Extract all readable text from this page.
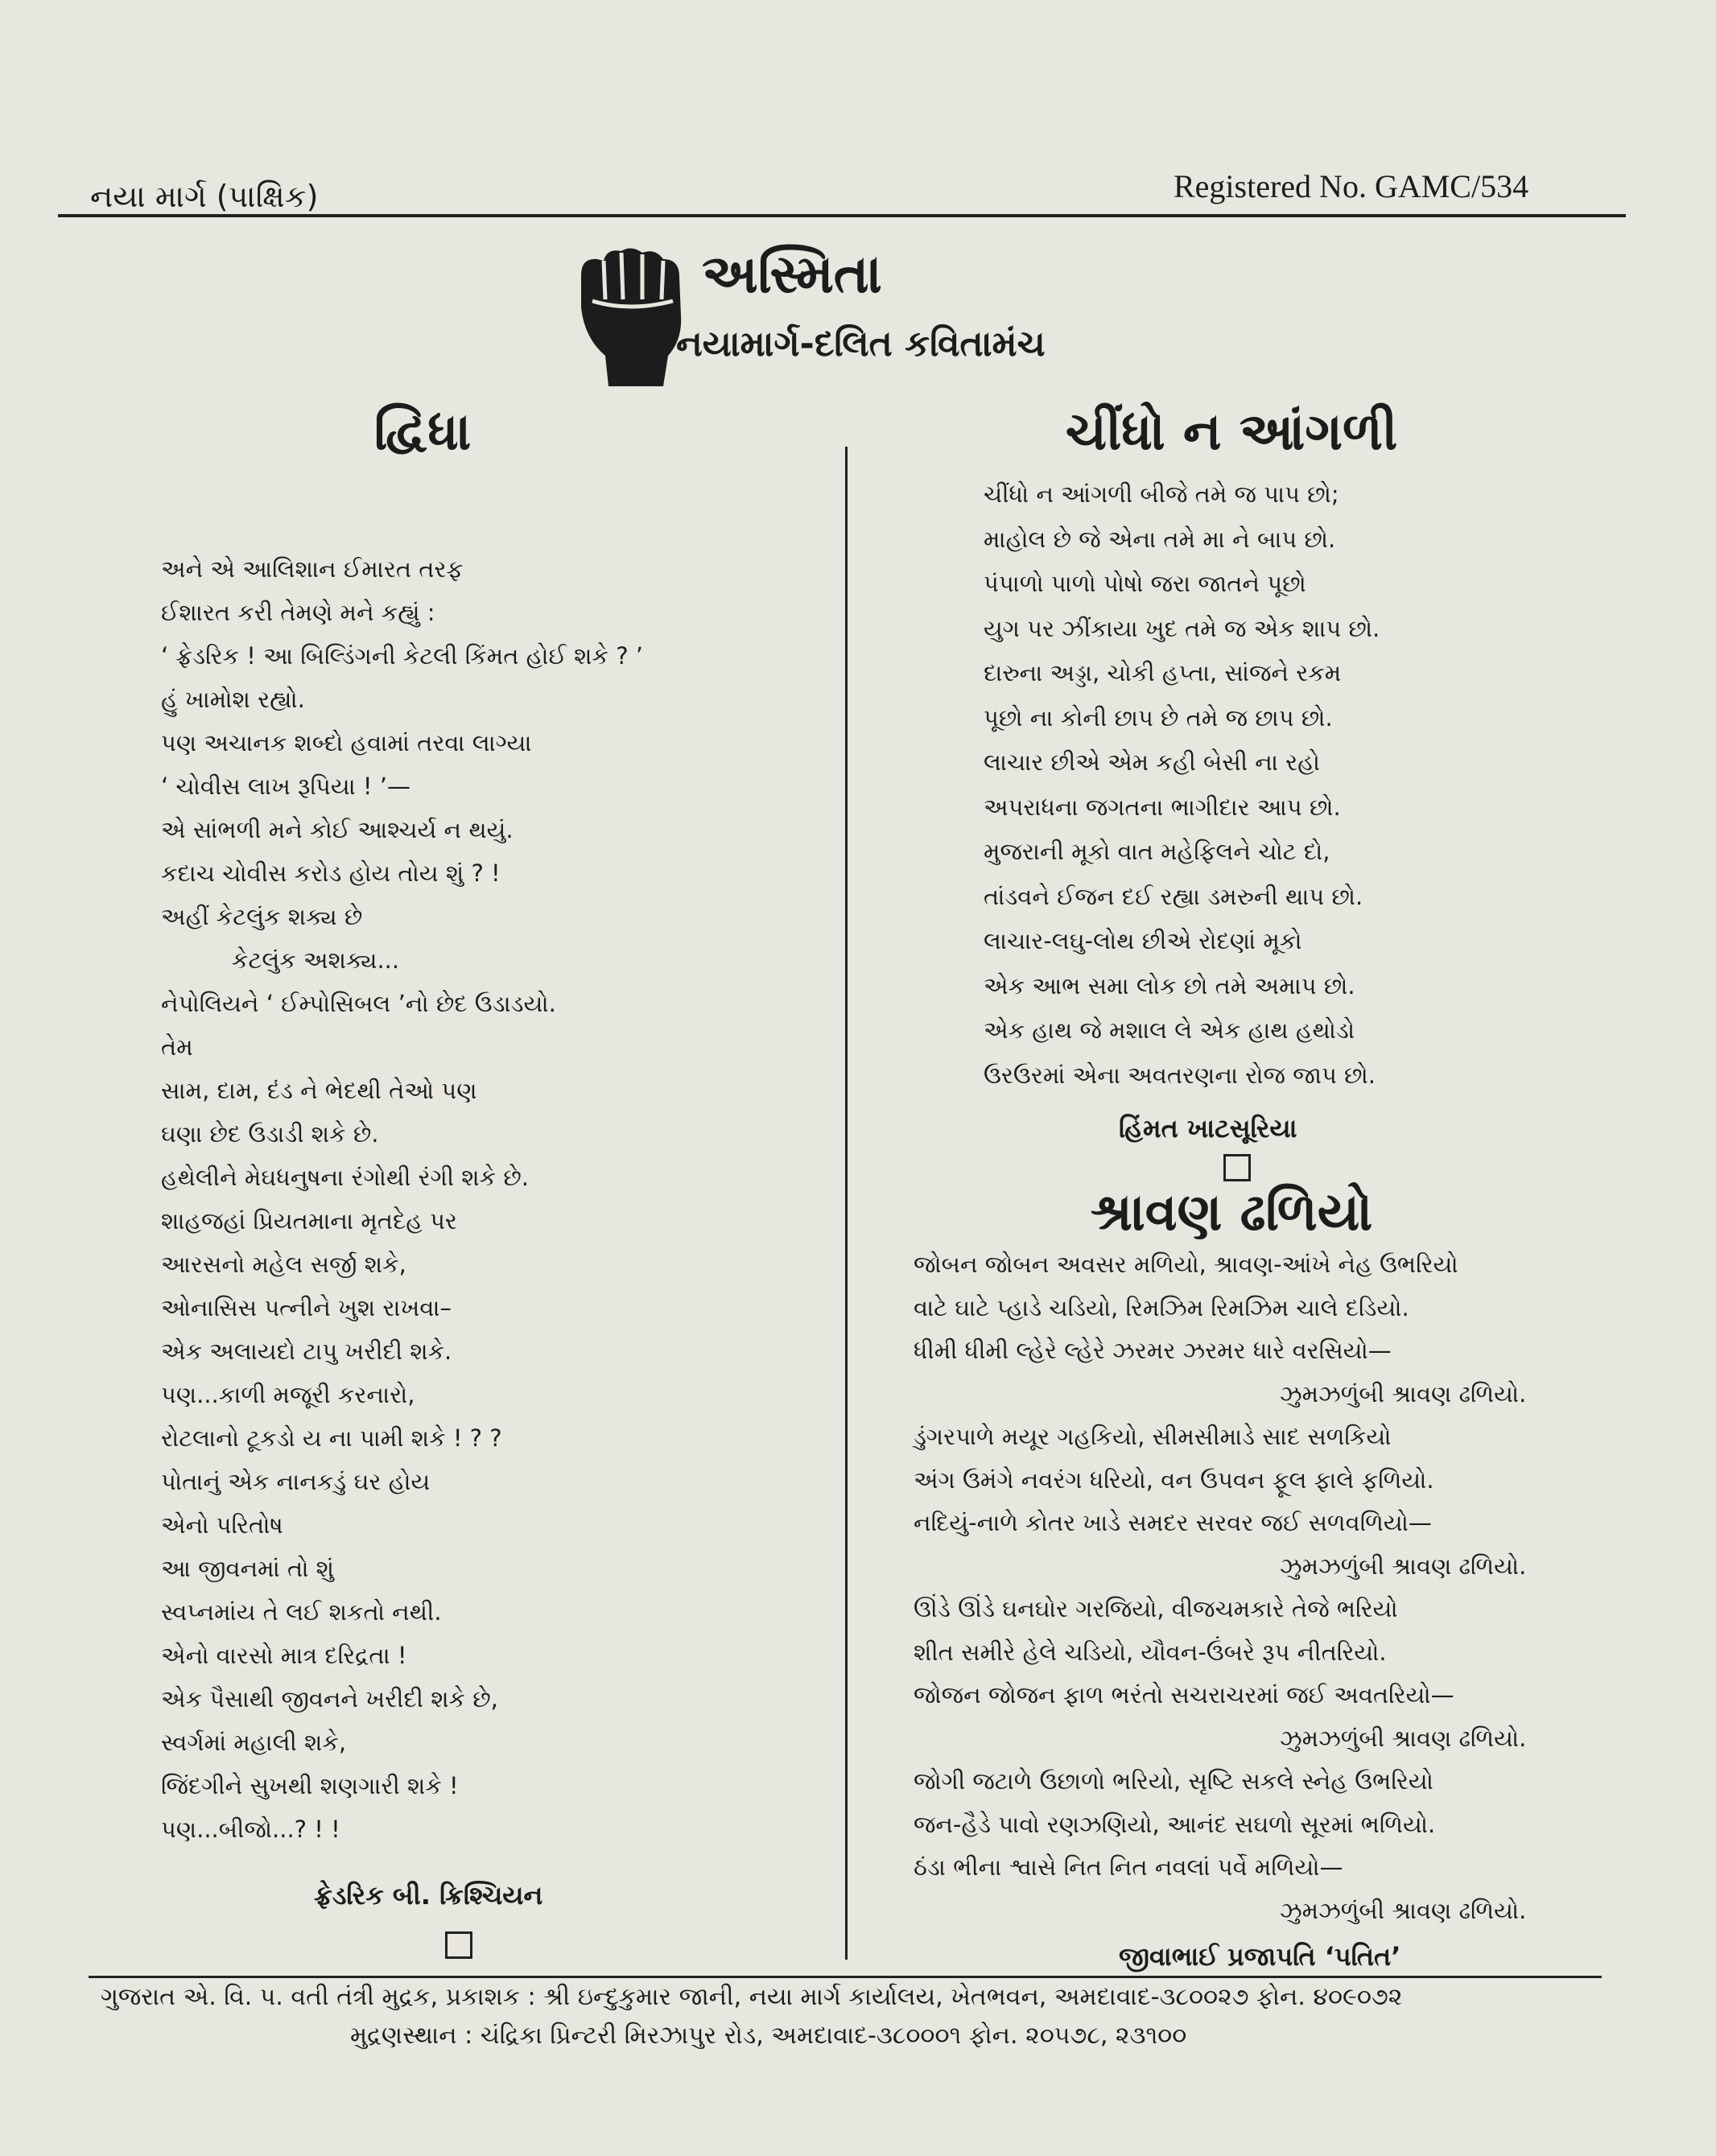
નયા માર્ગ (પાક્ષિક)	Registered No. GAMC/534
અસ્મિતા
નયામાર્ગ-દલિત કવિતામંચ
દ્વિધા
અને એ આલિશાન ઈમારત તરફ
ઈશારત કરી તેમણે મને કહ્યું :
‘ ફ્રેડરિક ! આ બિલ્ડિંગની કેટલી કિંમત હોઈ શકે ? ’
હું ખામોશ રહ્યો.
પણ અચાનક શબ્દો હવામાં તરવા લાગ્યા
‘ ચોવીસ લાખ રૂપિયા ! ’—
એ સાંભળી મને કોઈ આશ્ચર્ય ન થયું.
કદાચ ચોવીસ કરોડ હોય તોય શું ? !
અહીં કેટલુંક શક્ય છે
કેટલુંક અશક્ય...
નેપોલિયને ‘ ઈમ્પોસિબલ ’નો છેદ ઉડાડયો.
તેમ
સામ, દામ, દંડ ને ભેદથી તેઓ પણ
ઘણા છેદ ઉડાડી શકે છે.
હથેલીને મેઘધનુષના રંગોથી રંગી શકે છે.
શાહજહાં પ્રિયતમાના મૃતદેહ પર
આરસનો મહેલ સર્જી શકે,
ઓનાસિસ પત્નીને ખુશ રાખવા–
એક અલાયદો ટાપુ ખરીદી શકે.
પણ...કાળી મજૂરી કરનારો,
રોટલાનો ટૂકડો ય ના પામી શકે ! ? ?
પોતાનું એક નાનકડું ઘર હોય
એનો પરિતોષ
આ જીવનમાં તો શું
સ્વપ્નમાંય તે લઈ શકતો નથી.
એનો વારસો માત્ર દરિદ્રતા !
એક પૈસાથી જીવનને ખરીદી શકે છે,
સ્વર્ગમાં મહાલી શકે,
જિંદગીને સુખથી શણગારી શકે !
પણ...બીજો...? ! !
ફ્રેડરિક બી. ક્રિશ્ચિયન
ચીંધો ન આંગળી
ચીંધો ન આંગળી બીજે તમે જ પાપ છો;
માહોલ છે જે એના તમે મા ને બાપ છો.
પંપાળો પાળો પોષો જરા જાતને પૂછો
યુગ પર ઝીંકાયા ખુદ તમે જ એક શાપ છો.
દારુના અડ્ડા, ચોકી હપ્તા, સાંજને રકમ
પૂછો ના કોની છાપ છે તમે જ છાપ છો.
લાચાર છીએ એમ કહી બેસી ના રહો
અપરાધના જગતના ભાગીદાર આપ છો.
મુજરાની મૂકો વાત મહેફિલને ચોટ દો,
તાંડવને ઈજન દઈ રહ્યા ડમરુની થાપ છો.
લાચાર-લઘુ-લોથ છીએ રોદણાં મૂકો
એક આભ સમા લોક છો તમે અમાપ છો.
એક હાથ જે મશાલ લે એક હાથ હથોડો
ઉરઉરમાં એના અવતરણના રોજ જાપ છો.
હિંમત ખાટસૂરિયા
શ્રાવણ ઢળિયો
જોબન જોબન અવસર મળિયો, શ્રાવણ-આંખે નેહ ઉભરિયો
વાટે ઘાટે પ્હાડે ચડિયો, રિમઝિમ રિમઝિમ ચાલે દડિયો.
ધીમી ધીમી લ્હેરે લ્હેરે ઝરમર ઝરમર ધારે વરસિયો—
ઝુમઝળુંબી શ્રાવણ ઢળિયો.
ડુંગરપાળે મયૂર ગહકિયો, સીમસીમાડે સાદ સળકિયો
અંગ ઉમંગે નવરંગ ધરિયો, વન ઉપવન ફૂલ ફાલે ફળિયો.
નદિયું-નાળે કોતર ખાડે સમદર સરવર જઈ સળવળિયો—
ઝુમઝળુંબી શ્રાવણ ઢળિયો.
ઊંડે ઊંડે ઘનઘોર ગરજિયો, વીજચમકારે તેજે ભરિયો
શીત સમીરે હેલે ચડિયો, યૌવન-ઉંબરે રૂપ નીતરિયો.
જોજન જોજન ફાળ ભરંતો સચરાચરમાં જઈ અવતરિયો—
ઝુમઝળુંબી શ્રાવણ ઢળિયો.
જોગી જટાળે ઉછાળો ભરિયો, સૃષ્ટિ સકલે સ્નેહ ઉભરિયો
જન-હૈડે પાવો રણઝણિયો, આનંદ સઘળો સૂરમાં ભળિયો.
ઠંડા ભીના શ્વાસે નિત નિત નવલાં પર્વે મળિયો—
ઝુમઝળુંબી શ્રાવણ ઢળિયો.
જીવાભાઈ પ્રજાપતિ ‘પતિત’
ગુજરાત એ. વિ. પ. વતી તંત્રી મુદ્રક, પ્રકાશક : શ્રી ઇન્દુકુમાર જાની, નયા માર્ગ કાર્યાલય, ખેતભવન, અમદાવાદ-૩૮૦૦૨૭ ફોન. ૪૦૯૦૭૨
મુદ્રણસ્થાન : ચંદ્રિકા પ્રિન્ટરી મિરઝાપુર રોડ, અમદાવાદ-૩૮૦૦૦૧ ફોન. ૨૦૫૭૮, ૨૩૧૦૦
